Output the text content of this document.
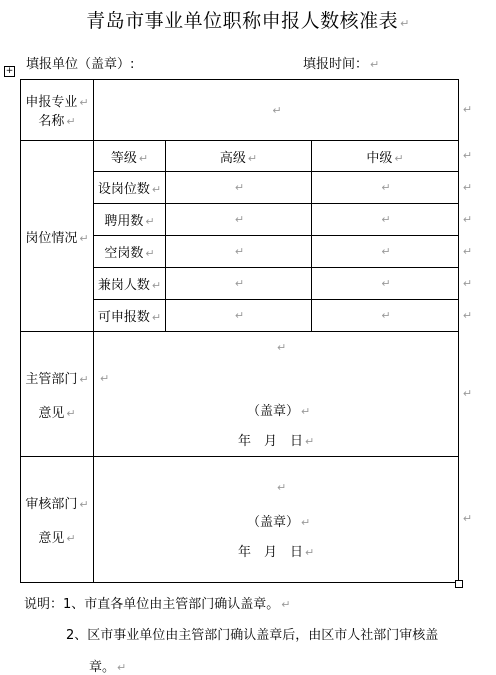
青岛市事业单位职称申报人数核准表 ↵
填报单位（盖章）:	填报时间： ↵
+
申报专业 ↵
名称 ↵	↵ ↵		

岗位情况 ↵	等级 ↵	高级 ↵	中级 ↵ ↵

	设岗位数 ↵	↵	↵ ↵

	聘用数 ↵	↵	↵ ↵

	空岗数 ↵	↵	↵ ↵

	兼岗人数 ↵	↵	↵ ↵

	可申报数 ↵	↵	↵ ↵

主管部门 ↵

意见 ↵	↵
↵
（盖章） ↵
年　月　日 ↵
↵		

审核部门 ↵

意见 ↵	↵
（盖章） ↵
年　月　日 ↵
↵		
说明：1、市直各单位由主管部门确认盖章。 ↵
2、区市事业单位由主管部门确认盖章后，由区市人社部门审核盖
章。 ↵
